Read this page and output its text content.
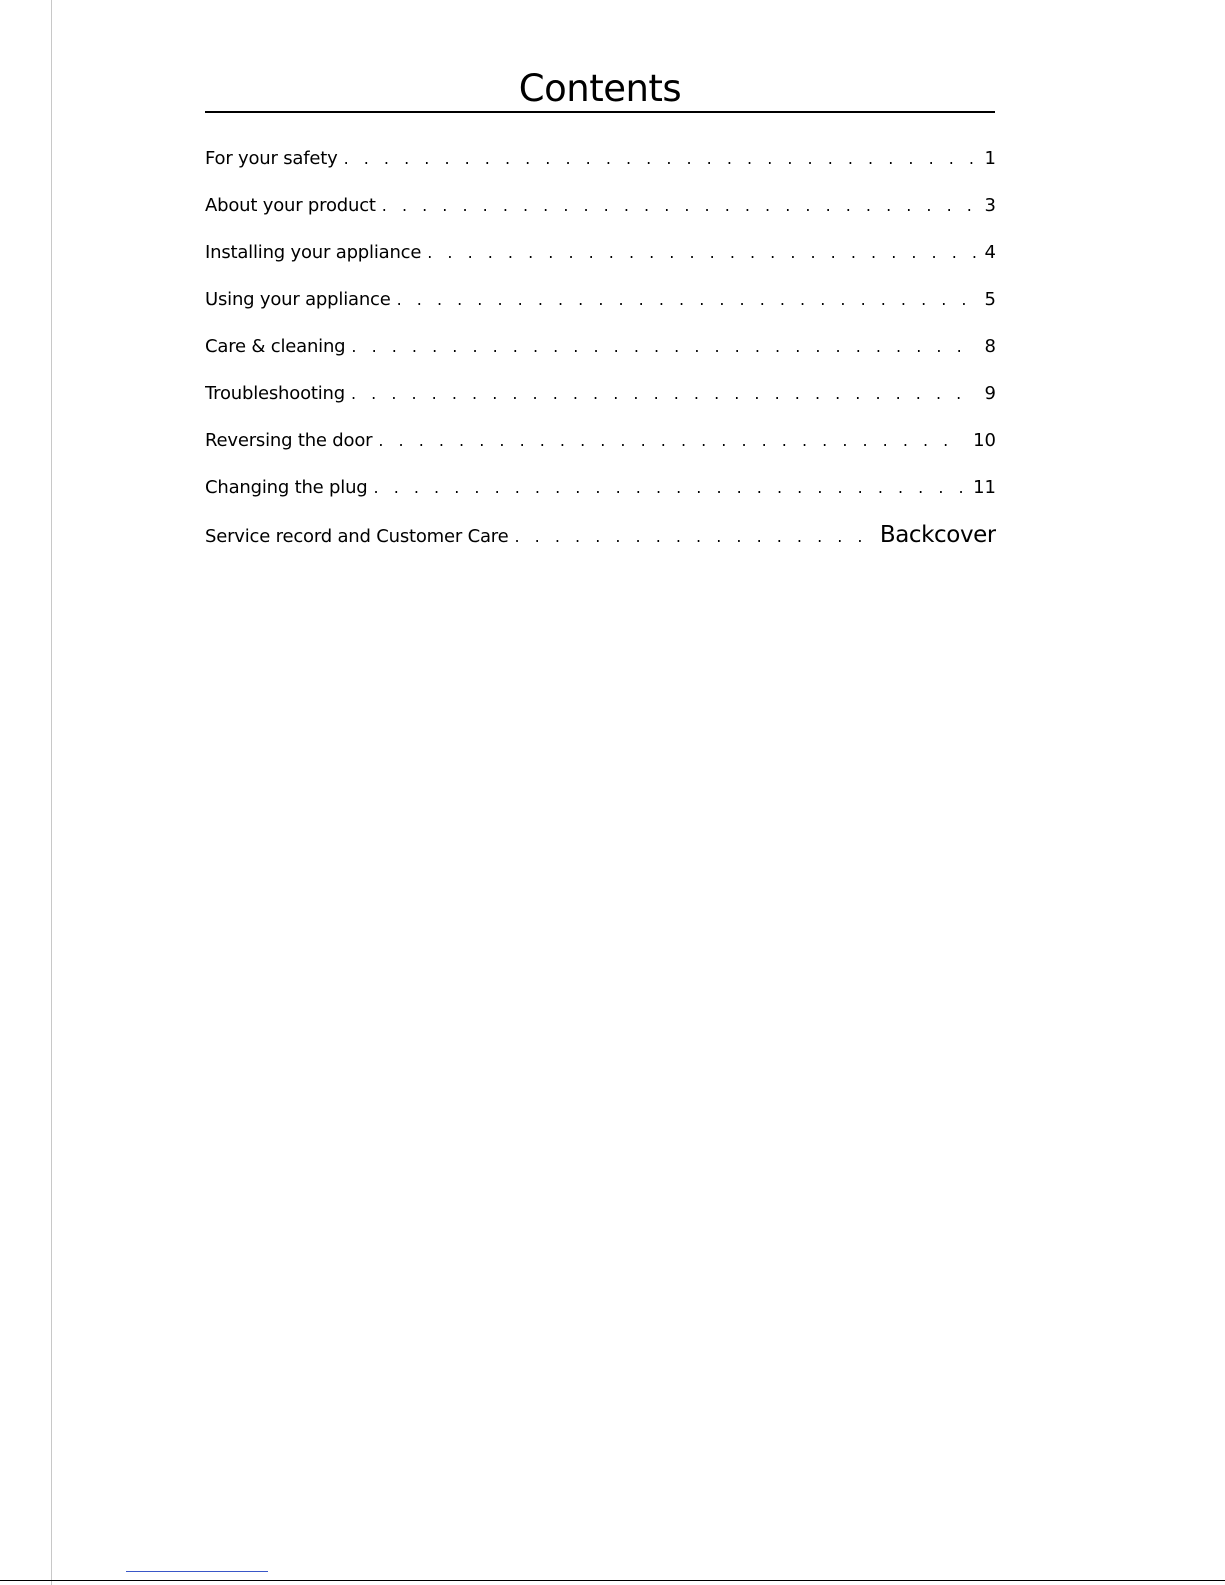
Contents
For your safety . . .	1
About your product . . .	3
Installing your appliance . . .	4
Using your appliance . . .	5
Care & cleaning . . .	8
Troubleshooting . . .	9
Reversing the door . . .	10
Changing the plug . . .	11
Service record and Customer Care . . .	Backcover
